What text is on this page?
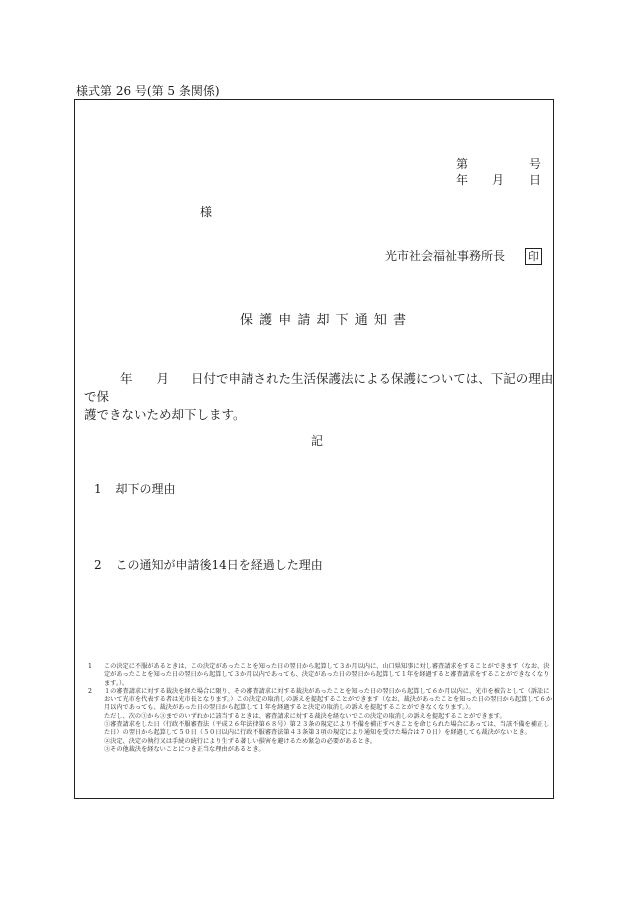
様式第 26 号(第 5 条関係)
第	号
年 月 日
様
光市社会福祉事務所長 印
保 護 申 請 却 下 通 知 書
年 月 日付で申請された生活保護法による保護については、下記の理由で保
護できないため却下します。
記
1 却下の理由
2 この通知が申請後14日を経過した理由
1 この決定に不服があるときは、この決定があったことを知った日の翌日から起算して３か月以内に、山口県知事に対し審査請求をすることができます（なお、決定があったことを知った日の翌日から起算して３か月以内であっても、決定があった日の翌日から起算して１年を経過すると審査請求をすることができなくなります。）。
2 １の審査請求に対する裁決を経た場合に限り、その審査請求に対する裁決があったことを知った日の翌日から起算して６か月以内に、光市を被告として（訴訟において光市を代表する者は光市長となります。）この決定の取消しの訴えを提起することができます（なお、裁決があったことを知った日の翌日から起算して６か月以内であっても、裁決があった日の翌日から起算して１年を経過すると決定の取消しの訴えを提起することができなくなります。）。
ただし、次の①から③までのいずれかに該当するときは、審査請求に対する裁決を経ないでこの決定の取消しの訴えを提起することができます。
①審査請求をした日（行政不服審査法（平成２６年法律第６８号）第２３条の規定により不備を補正すべきことを命じられた場合にあっては、当該不備を補正した日）の翌日から起算して５０日（５０日以内に行政不服審査法第４３条第３項の規定により通知を受けた場合は７０日）を経過しても裁決がないとき。
②決定、決定の執行又は手続の続行により生ずる著しい損害を避けるため緊急の必要があるとき。
③その他裁決を経ないことにつき正当な理由があるとき。
